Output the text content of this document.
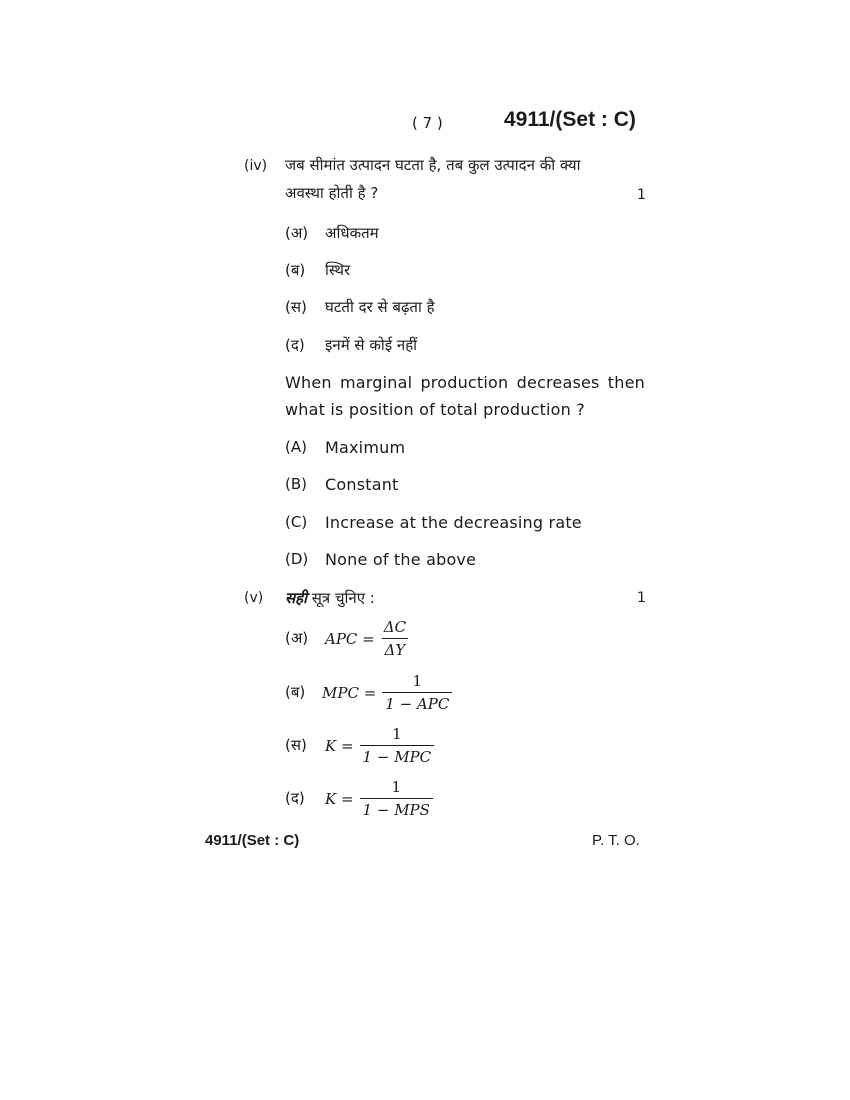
( 7 )	4911/(Set : C)
(iv) जब सीमांत उत्पादन घटता है, तब कुल उत्पादन की क्या
अवस्था होती है ?	1
(अ) अधिकतम
(ब) स्थिर
(स) घटती दर से बढ़ता है
(द) इनमें से कोई नहीं
When marginal production decreases then
what is position of total production ?
(A) Maximum
(B) Constant
(C) Increase at the decreasing rate
(D) None of the above
(v) सही सूत्र चुनिए :	1
(अ) APC = $\frac{\Delta C}{\Delta Y}$
(ब) MPC = $\frac{1}{\text{1 − APC}}$
(स) $K = \frac{1}{\text{1 − MPC}}$
(द) $K = \frac{1}{\text{1 − MPS}}$
4911/(Set : C)	P. T. O.
